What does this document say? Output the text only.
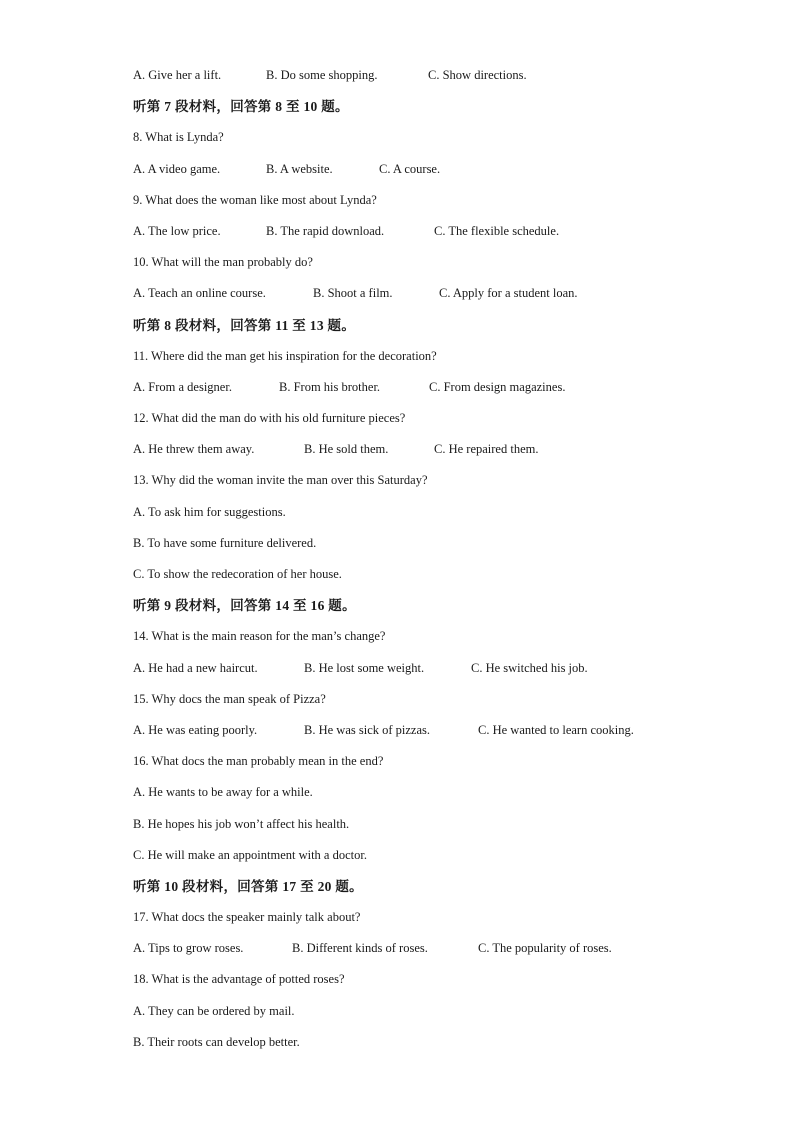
A. Give her a lift.	B. Do some shopping.	C. Show directions.
听第 7 段材料，回答第 8 至 10 题。
8. What is Lynda?
A. A video game.	B. A website.	C. A course.
9. What does the woman like most about Lynda?
A. The low price.	B. The rapid download.	C. The flexible schedule.
10. What will the man probably do?
A. Teach an online course.	B. Shoot a film.	C. Apply for a student loan.
听第 8 段材料，回答第 11 至 13 题。
11. Where did the man get his inspiration for the decoration?
A. From a designer.	B. From his brother.	C. From design magazines.
12. What did the man do with his old furniture pieces?
A. He threw them away.	B. He sold them.	C. He repaired them.
13. Why did the woman invite the man over this Saturday?
A. To ask him for suggestions.
B. To have some furniture delivered.
C. To show the redecoration of her house.
听第 9 段材料，回答第 14 至 16 题。
14. What is the main reason for the man’s change?
A. He had a new haircut.	B. He lost some weight.	C. He switched his job.
15. Why docs the man speak of Pizza?
A. He was eating poorly.	B. He was sick of pizzas.	C. He wanted to learn cooking.
16. What docs the man probably mean in the end?
A. He wants to be away for a while.
B. He hopes his job won’t affect his health.
C. He will make an appointment with a doctor.
听第 10 段材料，回答第 17 至 20 题。
17. What docs the speaker mainly talk about?
A. Tips to grow roses.	B. Different kinds of roses.	C. The popularity of roses.
18. What is the advantage of potted roses?
A. They can be ordered by mail.
B. Their roots can develop better.
